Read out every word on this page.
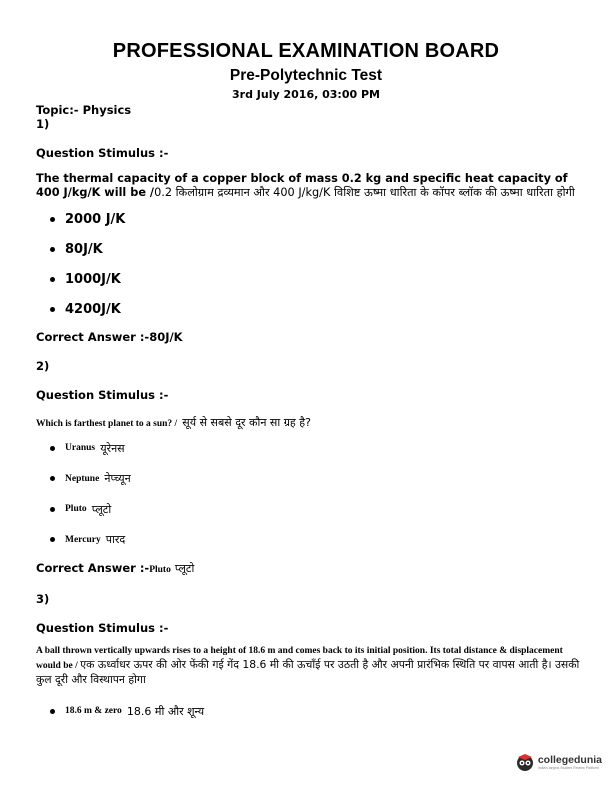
PROFESSIONAL EXAMINATION BOARD
Pre-Polytechnic Test
3rd July 2016, 03:00 PM
Topic:- Physics
1)
Question Stimulus :-
The thermal capacity of a copper block of mass 0.2 kg and specific heat capacity of 400 J/kg/K will be /0.2 किलोग्राम द्रव्यमान और 400 J/kg/K विशिष्ट ऊष्मा धारिता के कॉपर ब्लॉक की ऊष्मा धारिता होगी
2000 J/K
80J/K
1000J/K
4200J/K
Correct Answer :-80J/K
2)
Question Stimulus :-
Which is farthest planet to a sun? / सूर्य से सबसे दूर कौन सा ग्रह है?
Uranus
यूरेनस
Neptune
नेप्च्यून
Pluto
प्लूटो
Mercury
पारद
Correct Answer :-Pluto प्लूटो
3)
Question Stimulus :-
A ball thrown vertically upwards rises to a height of 18.6 m and comes back to its initial position. Its total distance & displacement would be / एक ऊर्ध्वाधर ऊपर की ओर फेंकी गई गेंद 18.6 मी की ऊचाँई पर उठती है और अपनी प्रारंभिक स्थिति पर वापस आती है। उसकी कुल दूरी और विस्थापन होगा
18.6 m & zero
18.6 मी और शून्य
collegedunia
India's largest Student Review Platform
